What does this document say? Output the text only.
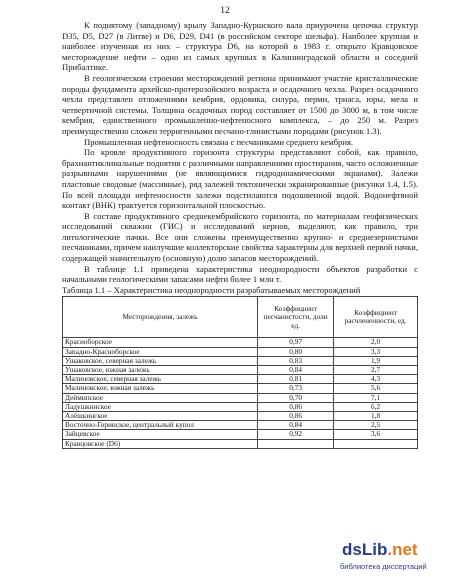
12

К поднятому (западному) крылу Западно-Куршского вала приурочена цепочка структур D35, D5, D27 (в Литве) и D6, D29, D41 (в российском секторе шельфа). Наиболее крупная и наиболее изученная из них – структура D6, на которой в 1983 г. открыто Кравцовское месторождение нефти – одно из самых крупных в Калининградской области и соседней Прибалтике.

В геологическом строении месторождений региона принимают участие кристаллические породы фундамента архейско-протерозойского возраста и осадочного чехла. Разрез осадочного чехла представлен отложениями кембрия, ордовика, силура, перми, триаса, юры, мела и четвертичной системы. Толщина осадочных пород составляет от 1500 до 3000 м, в том числе кембрия, единственного промышленно-нефтеносного комплекса, – до 250 м. Разрез преимущественно сложен терригенными песчано-глинистыми породами (рисунок 1.3).

Промышленная нефтеносность связана с песчаниками среднего кембрия.

По кровле продуктивного горизонта структуры представляют собой, как правило, брахиантиклинальные поднятия с различными направлениями простирания, часто осложненные разрывными нарушениями (не являющимися гидродинамическими экранами). Залежи пластовые сводовые (массивные), ряд залежей тектонически экранированные (рисунки 1.4, 1.5). По всей площади нефтеносности залежи подстилаются подошвенной водой. Водонефтяной контакт (ВНК) трактуется горизонтальной плоскостью.

В составе продуктивного среднекембрийского горизонта, по материалам геофизических исследований скважин (ГИС) и исследований кернов, выделяют, как правило, три литологические пачки. Все они сложены преимущественно крупно- и среднезернистыми песчаниками, причем наилучшие коллекторские свойства характерны для верхней первой пачки, содержащей значительную (основную) долю запасов месторождений.

В таблице 1.1 приведена характеристика неоднородности объектов разработки с начальными геологическими запасами нефти более 1 млн т.

Таблица 1.1 – Характеристика неоднородности разрабатываемых месторождений
Месторождения, залежь	Коэффициент песчанистости, доли ед.	Коэффициент расчлененности, ед.
Красноборское	0,97	2,0
Западно-Красноборское	0,80	3,3
Ушаковское, северная залежь	0,83	1,9
Ушаковское, южная залежь	0,84	2,7
Малиновское, северная залежь	0,81	4,3
Малиновское, южная залежь	0,73	5,6
Деймипское	0,70	7,1
Ладушкинское	0,86	6,2
Алёшкинское	0,86	1,8
Восточно-Горинское, центральный купол	0,84	2,5
Зайцевское	0,92	3,6
Кравцовское (D6)		
dsLib.net
библиотека диссертаций
